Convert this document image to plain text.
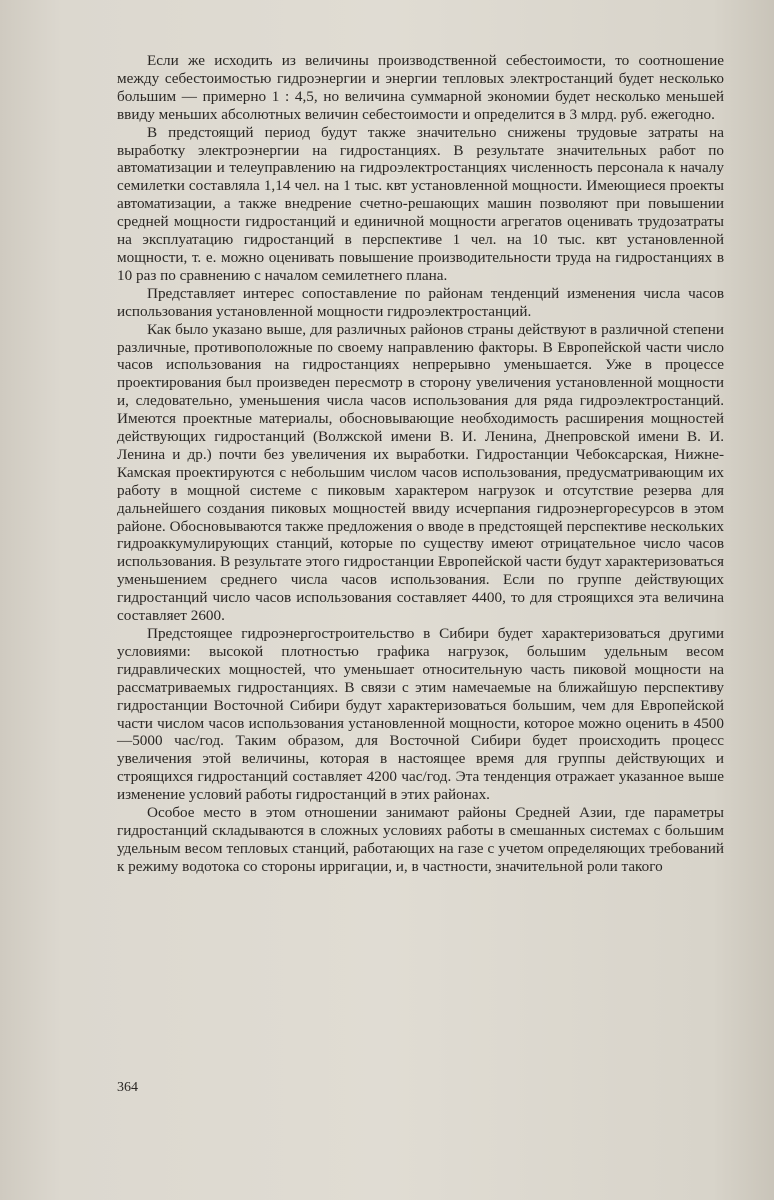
Если же исходить из величины производственной себестоимости, то соотношение между себестоимостью гидроэнергии и энергии тепловых электростанций будет несколько большим — примерно 1 : 4,5, но величина суммарной экономии будет несколько меньшей ввиду меньших абсолютных величин себестоимости и определится в 3 млрд. руб. ежегодно.

В предстоящий период будут также значительно снижены трудовые затраты на выработку электроэнергии на гидростанциях. В результате значительных работ по автоматизации и телеуправлению на гидроэлектростанциях численность персонала к началу семилетки составляла 1,14 чел. на 1 тыс. квт установленной мощности. Имеющиеся проекты автоматизации, а также внедрение счетно-решающих машин позволяют при повышении средней мощности гидростанций и единичной мощности агрегатов оценивать трудозатраты на эксплуатацию гидростанций в перспективе 1 чел. на 10 тыс. квт установленной мощности, т. е. можно оценивать повышение производительности труда на гидростанциях в 10 раз по сравнению с началом семилетнего плана.

Представляет интерес сопоставление по районам тенденций изменения числа часов использования установленной мощности гидроэлектростанций.

Как было указано выше, для различных районов страны действуют в различной степени различные, противоположные по своему направлению факторы. В Европейской части число часов использования на гидростанциях непрерывно уменьшается. Уже в процессе проектирования был произведен пересмотр в сторону увеличения установленной мощности и, следовательно, уменьшения числа часов использования для ряда гидроэлектростанций. Имеются проектные материалы, обосновывающие необходимость расширения мощностей действующих гидростанций (Волжской имени В. И. Ленина, Днепровской имени В. И. Ленина и др.) почти без увеличения их выработки. Гидростанции Чебоксарская, Нижне-Камская проектируются с небольшим числом часов использования, предусматривающим их работу в мощной системе с пиковым характером нагрузок и отсутствие резерва для дальнейшего создания пиковых мощностей ввиду исчерпания гидроэнергоресурсов в этом районе. Обосновываются также предложения о вводе в предстоящей перспективе нескольких гидроаккумулирующих станций, которые по существу имеют отрицательное число часов использования. В результате этого гидростанции Европейской части будут характеризоваться уменьшением среднего числа часов использования. Если по группе действующих гидростанций число часов использования составляет 4400, то для строящихся эта величина составляет 2600.

Предстоящее гидроэнергостроительство в Сибири будет характеризоваться другими условиями: высокой плотностью графика нагрузок, большим удельным весом гидравлических мощностей, что уменьшает относительную часть пиковой мощности на рассматриваемых гидростанциях. В связи с этим намечаемые на ближайшую перспективу гидростанции Восточной Сибири будут характеризоваться большим, чем для Европейской части числом часов использования установленной мощности, которое можно оценить в 4500—5000 час/год. Таким образом, для Восточной Сибири будет происходить процесс увеличения этой величины, которая в настоящее время для группы действующих и строящихся гидростанций составляет 4200 час/год. Эта тенденция отражает указанное выше изменение условий работы гидростанций в этих районах.

Особое место в этом отношении занимают районы Средней Азии, где параметры гидростанций складываются в сложных условиях работы в смешанных системах с большим удельным весом тепловых станций, работающих на газе с учетом определяющих требований к режиму водотока со стороны ирригации, и, в частности, значительной роли такого

364
